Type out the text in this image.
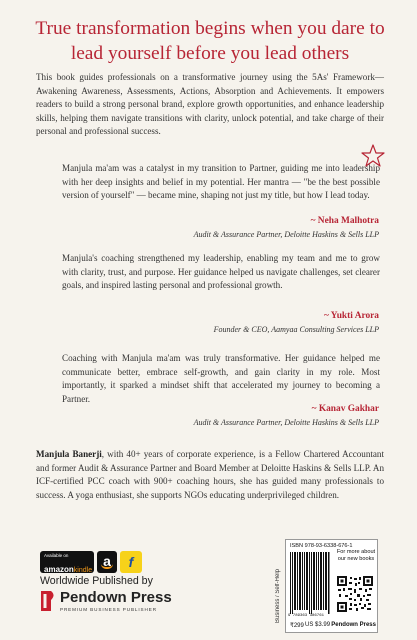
True transformation begins when you dare to lead yourself before you lead others

This book guides professionals on a transformative journey using the 5As' Framework—Awakening Awareness, Assessments, Actions, Absorption and Achievements. It empowers readers to build a strong personal brand, explore growth opportunities, and enhance leadership skills, helping them navigate transitions with clarity, unlock potential, and take charge of their personal and professional success.

Manjula ma'am was a catalyst in my transition to Partner, guiding me into leadership with her deep insights and belief in my potential. Her mantra — "be the best possible version of yourself" — became mine, shaping not just my title, but how I lead today.

~ Neha Malhotra
Audit & Assurance Partner, Deloitte Haskins & Sells LLP

Manjula's coaching strengthened my leadership, enabling my team and me to grow with clarity, trust, and purpose. Her guidance helped us navigate challenges, set clearer goals, and inspired lasting personal and professional growth.

~ Yukti Arora
Founder & CEO, Aamyaa Consulting Services LLP

Coaching with Manjula ma'am was truly transformative. Her guidance helped me communicate better, embrace self-growth, and gain clarity in my role. Most importantly, it sparked a mindset shift that accelerated my journey to becoming a Partner.

~ Kanav Gakhar
Audit & Assurance Partner, Deloitte Haskins & Sells LLP

Manjula Banerji, with 40+ years of corporate experience, is a Fellow Chartered Accountant and former Audit & Assurance Partner and Board Member at Deloitte Haskins & Sells LLP. An ICF-certified PCC coach with 900+ coaching hours, she has guided many professionals to success. A yoga enthusiast, she supports NGOs educating underprivileged children.

Available on
amazonkindle
a	f
Worldwide Published by
Pendown Press
PREMIUM BUSINESS PUBLISHER	Business / Self-Help
ISBN 978-93-6338-676-1
9 789363 386761
For more about our new books
₹299 US $3.99 Pendown Press
